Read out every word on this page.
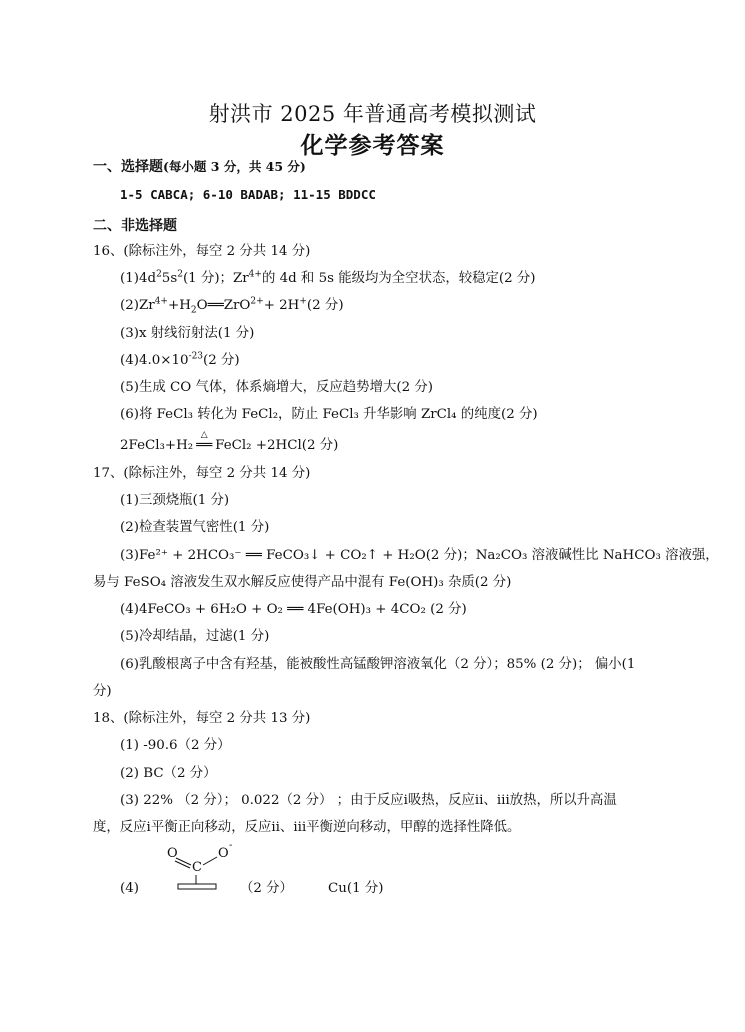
射洪市 2025 年普通高考模拟测试
化学参考答案
一、选择题(每小题 3 分，共 45 分)
1-5 CABCA; 6-10 BADAB; 11-15 BDDCC
二、非选择题
16、(除标注外，每空 2 分共 14 分)
$(1)4d^25s^2(1$ 分)；$Zr^{4+}$的 4d 和 5s 能级均为全空状态，较稳定(2 分)
$(2)Zr^{4+}+H_2O══ZrO^{2+}+ 2H^+(2$ 分)
(3)x 射线衍射法(1 分)
$(4)4.0\times 10^{-23}(2$ 分)
(5)生成 CO 气体，体系熵增大，反应趋势增大(2 分)
(6)将 FeCl₃ 转化为 FeCl₂，防止 FeCl₃ 升华影响 ZrCl₄ 的纯度(2 分)
2FeCl₃+H₂
△
══ FeCl₂ +2HCl(2 分)
17、(除标注外，每空 2 分共 14 分)
(1)三颈烧瓶(1 分)
(2)检查装置气密性(1 分)
(3)Fe²⁺ + 2HCO₃⁻ ══ FeCO₃↓ + CO₂↑ + H₂O(2 分)；Na₂CO₃ 溶液碱性比 NaHCO₃ 溶液强，
易与 FeSO₄ 溶液发生双水解反应使得产品中混有 Fe(OH)₃ 杂质(2 分)
(4)4FeCO₃ + 6H₂O + O₂ ══ 4Fe(OH)₃ + 4CO₂ (2 分)
(5)冷却结晶，过滤(1 分)
(6)乳酸根离子中含有羟基，能被酸性高锰酸钾溶液氧化（2 分）；85% (2 分)； 偏小(1
分)
18、(除标注外，每空 2 分共 13 分)
(1) -90.6（2 分）
(2) BC（2 分）
(3) 22% （2 分）； 0.022（2 分） ；由于反应ⅰ吸热，反应ⅱ、ⅲ放热，所以升高温
度，反应ⅰ平衡正向移动，反应ⅱ、ⅲ平衡逆向移动，甲醇的选择性降低。
(4)
O
C
O
-
（2 分）	Cu(1 分)
